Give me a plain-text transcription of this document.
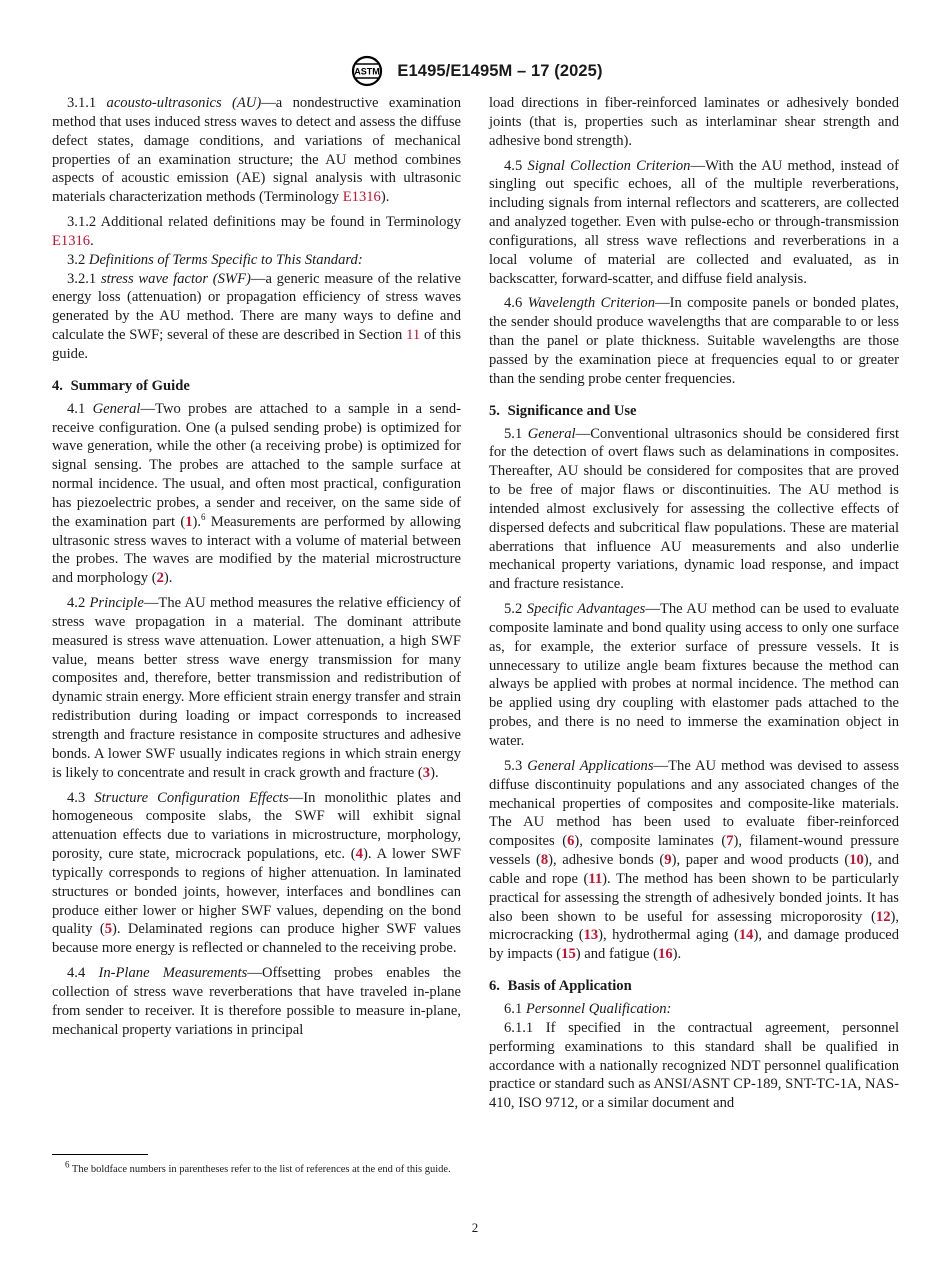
ASTM E1495/E1495M – 17 (2025)

3.1.1 acousto-ultrasonics (AU)—a nondestructive examination method that uses induced stress waves to detect and assess the diffuse defect states, damage conditions, and variations of mechanical properties of an examination structure; the AU method combines aspects of acoustic emission (AE) signal analysis with ultrasonic materials characterization methods (Terminology E1316).

3.1.2 Additional related definitions may be found in Terminology E1316.

3.2 Definitions of Terms Specific to This Standard:

3.2.1 stress wave factor (SWF)—a generic measure of the relative energy loss (attenuation) or propagation efficiency of stress waves generated by the AU method. There are many ways to define and calculate the SWF; several of these are described in Section 11 of this guide.

4. Summary of Guide

4.1 General—Two probes are attached to a sample in a send-receive configuration. One (a pulsed sending probe) is optimized for wave generation, while the other (a receiving probe) is optimized for signal sensing. The probes are attached to the sample surface at normal incidence. The usual, and often most practical, configuration has piezoelectric probes, a sender and receiver, on the same side of the examination part (1).$^6$ Measurements are performed by allowing ultrasonic stress waves to interact with a volume of material between the probes. The waves are modified by the material microstructure and morphology (2).

4.2 Principle—The AU method measures the relative efficiency of stress wave propagation in a material. The dominant attribute measured is stress wave attenuation. Lower attenuation, a high SWF value, means better stress wave energy transmission for many composites and, therefore, better transmission and redistribution of dynamic strain energy. More efficient strain energy transfer and strain redistribution during loading or impact corresponds to increased strength and fracture resistance in composite structures and adhesive bonds. A lower SWF usually indicates regions in which strain energy is likely to concentrate and result in crack growth and fracture (3).

4.3 Structure Configuration Effects—In monolithic plates and homogeneous composite slabs, the SWF will exhibit signal attenuation effects due to variations in microstructure, morphology, porosity, cure state, microcrack populations, etc. (4). A lower SWF typically corresponds to regions of higher attenuation. In laminated structures or bonded joints, however, interfaces and bondlines can produce either lower or higher SWF values, depending on the bond quality (5). Delaminated regions can produce higher SWF values because more energy is reflected or channeled to the receiving probe.

4.4 In-Plane Measurements—Offsetting probes enables the collection of stress wave reverberations that have traveled in-plane from sender to receiver. It is therefore possible to measure in-plane, mechanical property variations in principal

load directions in fiber-reinforced laminates or adhesively bonded joints (that is, properties such as interlaminar shear strength and adhesive bond strength).

4.5 Signal Collection Criterion—With the AU method, instead of singling out specific echoes, all of the multiple reverberations, including signals from internal reflectors and scatterers, are collected and analyzed together. Even with pulse-echo or through-transmission configurations, all stress wave reflections and reverberations in a local volume of material are collected and evaluated, as in backscatter, forward-scatter, and diffuse field analysis.

4.6 Wavelength Criterion—In composite panels or bonded plates, the sender should produce wavelengths that are comparable to or less than the panel or plate thickness. Suitable wavelengths are those passed by the examination piece at frequencies equal to or greater than the sending probe center frequencies.

5. Significance and Use

5.1 General—Conventional ultrasonics should be considered first for the detection of overt flaws such as delaminations in composites. Thereafter, AU should be considered for composites that are proved to be free of major flaws or discontinuities. The AU method is intended almost exclusively for assessing the collective effects of dispersed defects and subcritical flaw populations. These are material aberrations that influence AU measurements and also underlie mechanical property variations, dynamic load response, and impact and fracture resistance.

5.2 Specific Advantages—The AU method can be used to evaluate composite laminate and bond quality using access to only one surface as, for example, the exterior surface of pressure vessels. It is unnecessary to utilize angle beam fixtures because the method can always be applied with probes at normal incidence. The method can be applied using dry coupling with elastomer pads attached to the probes, and there is no need to immerse the examination object in water.

5.3 General Applications—The AU method was devised to assess diffuse discontinuity populations and any associated changes of the mechanical properties of composites and composite-like materials. The AU method has been used to evaluate fiber-reinforced composites (6), composite laminates (7), filament-wound pressure vessels (8), adhesive bonds (9), paper and wood products (10), and cable and rope (11). The method has been shown to be particularly practical for assessing the strength of adhesively bonded joints. It has also been shown to be useful for assessing microporosity (12), microcracking (13), hydrothermal aging (14), and damage produced by impacts (15) and fatigue (16).

6. Basis of Application

6.1 Personnel Qualification:

6.1.1 If specified in the contractual agreement, personnel performing examinations to this standard shall be qualified in accordance with a nationally recognized NDT personnel qualification practice or standard such as ANSI/ASNT CP-189, SNT-TC-1A, NAS-410, ISO 9712, or a similar document and

$^6$ The boldface numbers in parentheses refer to the list of references at the end of this guide.
2
